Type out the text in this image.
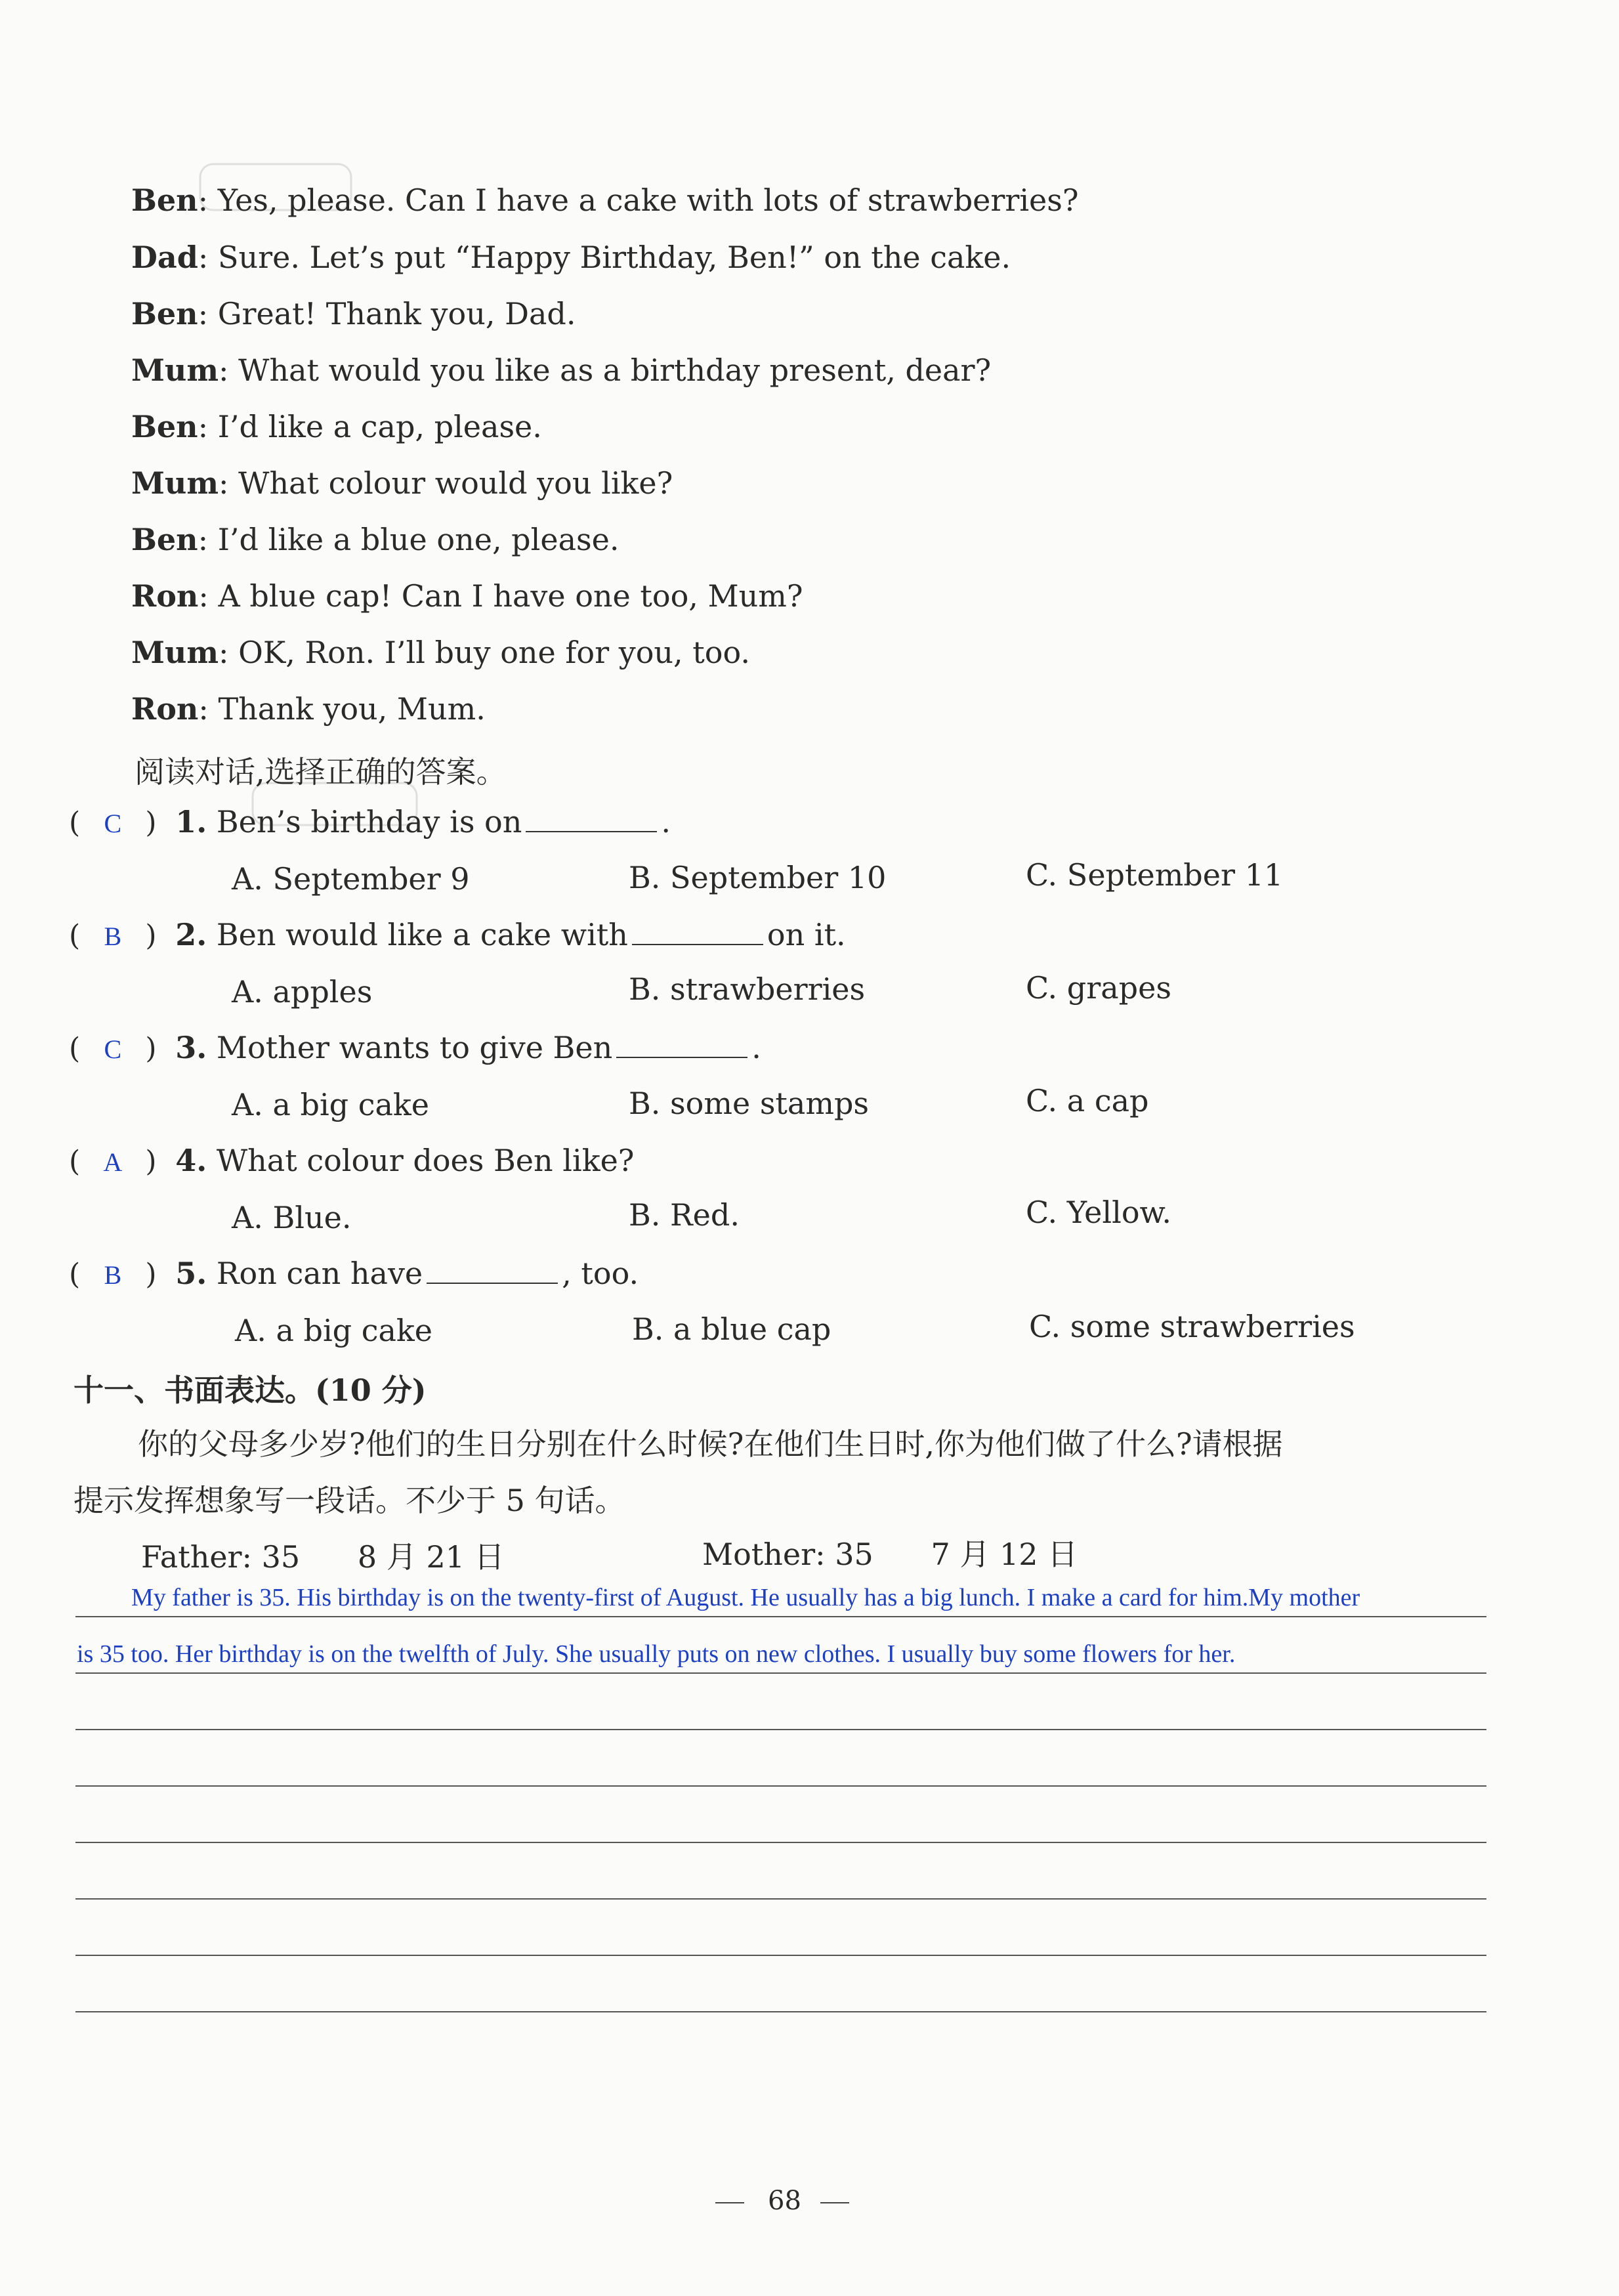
Ben: Yes, please. Can I have a cake with lots of strawberries?
Dad: Sure. Let’s put “Happy Birthday, Ben!” on the cake.
Ben: Great! Thank you, Dad.
Mum: What would you like as a birthday present, dear?
Ben: I’d like a cap, please.
Mum: What colour would you like?
Ben: I’d like a blue one, please.
Ron: A blue cap! Can I have one too, Mum?
Mum: OK, Ron. I’ll buy one for you, too.
Ron: Thank you, Mum.
阅读对话,选择正确的答案。
( C ) 1. Ben’s birthday is on	.
A. September 9	B. September 10	C. September 11
( B ) 2. Ben would like a cake with	on it.
A. apples	B. strawberries	C. grapes
( C ) 3. Mother wants to give Ben	.
A. a big cake	B. some stamps	C. a cap
( A ) 4. What colour does Ben like?
A. Blue.	B. Red.	C. Yellow.
( B ) 5. Ron can have	, too.
A. a big cake	B. a blue cap	C. some strawberries
十一、书面表达。(10 分)
你的父母多少岁?他们的生日分别在什么时候?在他们生日时,你为他们做了什么?请根据
提示发挥想象写一段话。不少于 5 句话。
Father: 35      8 月 21 日	Mother: 35      7 月 12 日
My father is 35. His birthday is on the twenty-first of August. He usually has a big lunch. I make a card for him.My mother
is 35 too. Her birthday is on the twelfth of July. She usually puts on new clothes. I usually buy some flowers for her.
68
